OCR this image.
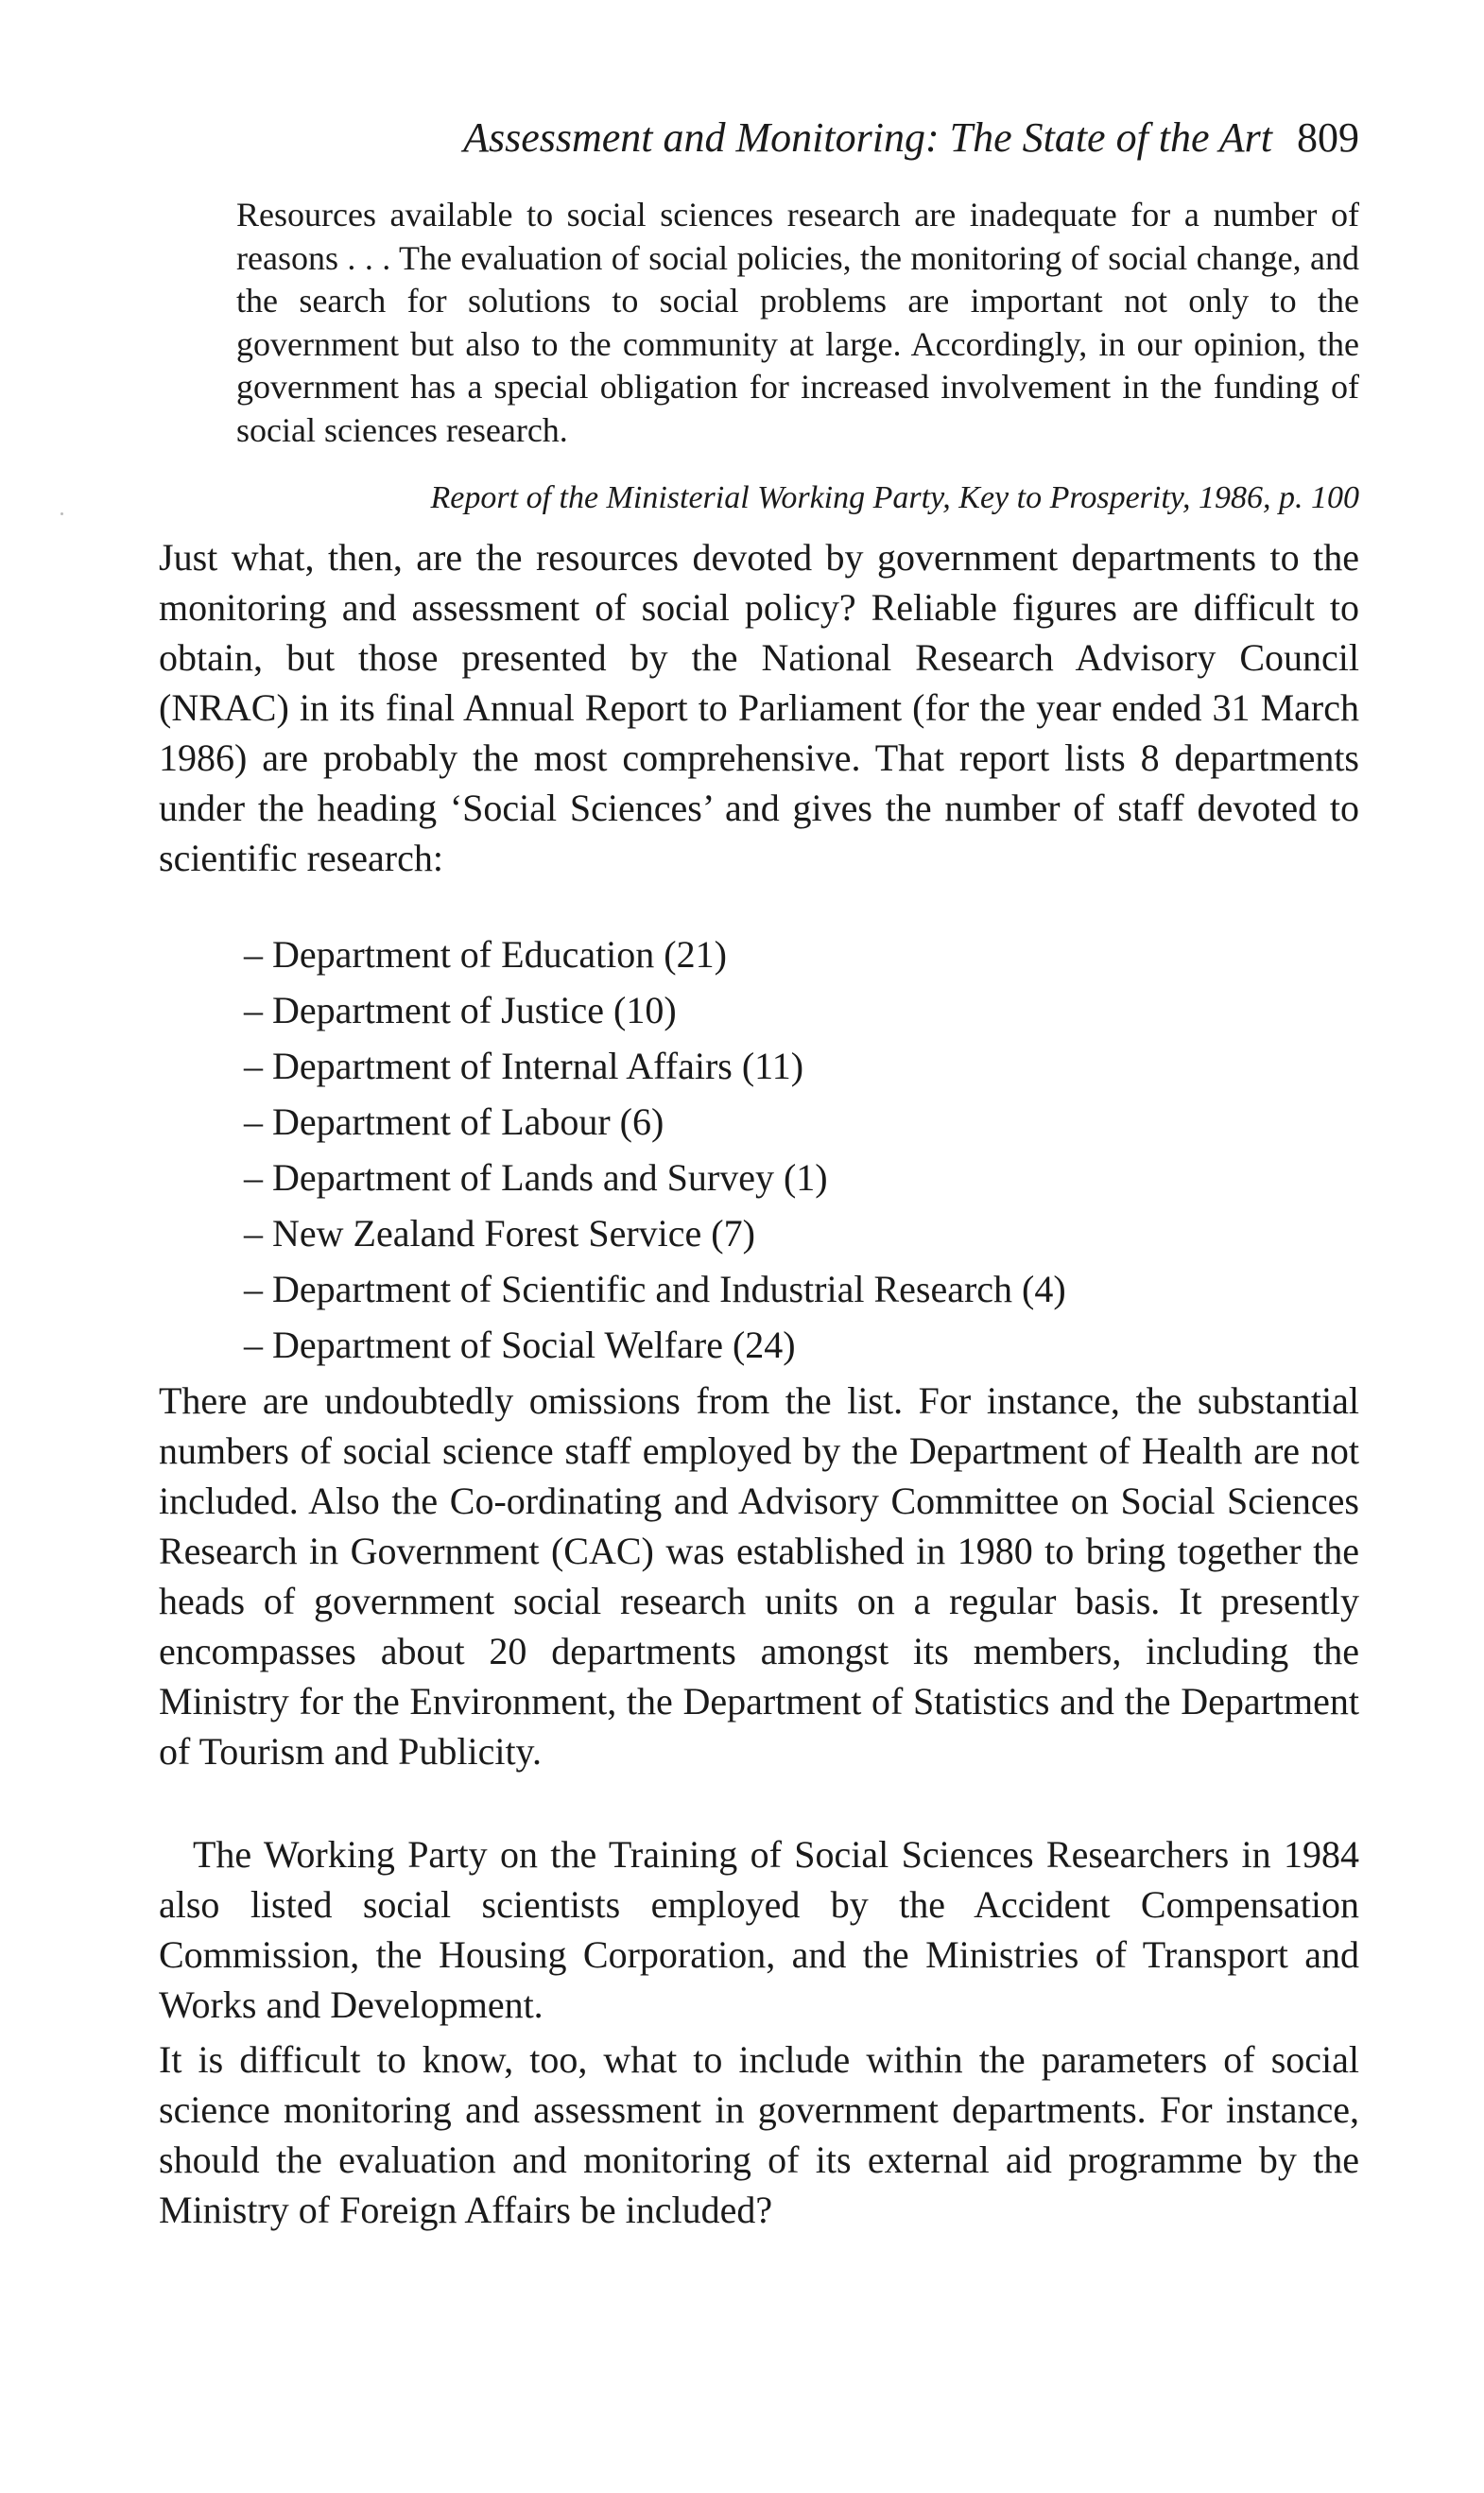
Assessment and Monitoring: The State of the Art 809
Resources available to social sciences research are inadequate for a number of reasons . . . The evaluation of social policies, the monitoring of social change, and the search for solutions to social problems are important not only to the government but also to the community at large. Accordingly, in our opinion, the government has a special obligation for increased involvement in the funding of social sciences research.
Report of the Ministerial Working Party, Key to Prosperity, 1986, p. 100

Just what, then, are the resources devoted by government departments to the monitoring and assessment of social policy? Reliable figures are difficult to obtain, but those presented by the National Research Advisory Council (NRAC) in its final Annual Report to Parliament (for the year ended 31 March 1986) are probably the most comprehensive. That report lists 8 departments under the heading ‘Social Sciences’ and gives the number of staff devoted to scientific research:

– Department of Education (21)
– Department of Justice (10)
– Department of Internal Affairs (11)
– Department of Labour (6)
– Department of Lands and Survey (1)
– New Zealand Forest Service (7)
– Department of Scientific and Industrial Research (4)
– Department of Social Welfare (24)

There are undoubtedly omissions from the list. For instance, the substantial numbers of social science staff employed by the Department of Health are not included. Also the Co-ordinating and Advisory Committee on Social Sciences Research in Government (CAC) was established in 1980 to bring together the heads of government social research units on a regular basis. It presently encompasses about 20 departments amongst its members, including the Ministry for the Environment, the Department of Statistics and the Department of Tourism and Publicity.

The Working Party on the Training of Social Sciences Researchers in 1984 also listed social scientists employed by the Accident Compensation Commission, the Housing Corporation, and the Ministries of Transport and Works and Development.

It is difficult to know, too, what to include within the parameters of social science monitoring and assessment in government departments. For instance, should the evaluation and monitoring of its external aid programme by the Ministry of Foreign Affairs be included?
